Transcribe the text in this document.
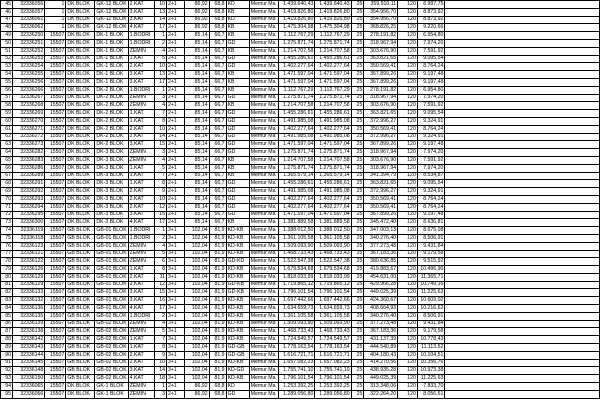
45	32336056	1	DK BLOK	GK-12 BLOK	2.KAT	10	2+1	86,92	68,8	KD	Memur Ma	1.439.640,43	1.439.640,43	25	359.910,11	120	8.997,75	
46	32336057	1	DK BLOK	GK-12 BLOK	3.KAT	13	2+1	86,92	68,8	KB	Memur Ma	1.419.826,80	1.419.826,80	25	354.956,70	120	8.873,92	
47	32336061	1	DK BLOK	GK-12 BLOK	3.KAT	14	2+1	86,92	68,8	KD	Memur Ma	1.419.826,80	1.419.826,80	25	354.956,70	120	8.873,92	
48	32336062	1	DK BLOK	GK-12 BLOK	4.KAT	17	2+1	86,92	68,8	KB	Memur Ma	1.475.304,98	1.475.304,98	25	368.826,25	120	9.220,66	
49	32336250	15507	DK BLOK	DK-1 BLOK	1.BODRI	1	2+1	85,14	66,7	KB	Memur Ma	1.112.767,29	1.112.767,29	25	278.191,82	120	6.954,80	
50	32336251	15507	DK BLOK	DK-1 BLOK	1.BODRI	2	2+1	85,14	66,7	GD	Memur Ma	1.275.871,74	1.275.871,74	25	318.967,94	120	7.974,20	
51	32336252	15507	DK BLOK	DK-1 BLOK	ZEMIN	4	2+1	85,14	66,7	KB	Memur Ma	1.214.707,58	1.214.707,58	25	303.676,90	120	7.591,92	
52	32336253	15507	DK BLOK	DK-1 BLOK	1.KAT	5	2+1	85,14	66,7	GD	Memur Ma	1.455.286,61	1.455.286,61	25	363.821,65	120	9.095,54	
53	32336254	15507	DK BLOK	DK-1 BLOK	2.KAT	10	2+1	85,14	66,7	GD	Memur Ma	1.402.277,64	1.402.277,64	25	350.569,41	120	8.764,24	
54	32336255	15507	DK BLOK	DK-1 BLOK	3.KAT	13	2+1	85,14	66,7	KB	Memur Ma	1.471.597,04	1.471.597,04	25	367.899,26	120	9.197,48	
55	32336256	15507	DK BLOK	DK-1 BLOK	3.KAT	17	2+1	85,14	66,7	KB	Memur Ma	1.471.597,04	1.471.597,04	25	367.899,26	120	9.197,48	
56	32336266	15507	DK BLOK	DK-2 BLOK	1.BODRI	1	2+1	85,14	66,7	KB	Memur Ma	1.112.767,29	1.112.767,29	25	278.191,82	120	6.954,80	
57	32336267	15507	DK BLOK	DK-2 BLOK	ZEMIN	3	2+1	85,14	66,7	GD	Memur Ma	1.275.871,74	1.275.871,74	25	318.967,94	120	7.974,20	
58	32336268	15507	DK BLOK	DK-2 BLOK	ZEMIN	4	2+1	85,14	66,7	KB	Memur Ma	1.214.707,58	1.214.707,58	25	303.676,90	120	7.591,92	
59	32336269	15507	DK BLOK	DK-2 BLOK	1.KAT	7	2+1	85,14	66,7	GD	Memur Ma	1.455.286,61	1.455.286,61	25	363.821,65	120	9.095,54	
60	32336270	15507	DK BLOK	DK-2 BLOK	1.KAT	8	2+1	85,14	66,7	GD	Memur Ma	1.491.985,08	1.491.985,08	25	372.996,27	120	9.324,91	
61	32336271	15507	DK BLOK	DK-2 BLOK	2.KAT	10	2+1	85,14	66,7	GD	Memur Ma	1.402.277,64	1.402.277,64	25	350.569,41	120	8.764,24	
62	32336272	15507	DK BLOK	DK-2 BLOK	2.KAT	14	2+1	85,14	66,7	GD	Memur Ma	1.491.985,08	1.491.985,08	25	372.996,27	120	9.324,91	
63	32336273	15507	DK BLOK	DK-2 BLOK	3.KAT	15	2+1	85,14	66,7	GD	Memur Ma	1.471.597,04	1.471.597,04	25	367.899,26	120	9.197,48	
64	32336282	15507	DK BLOK	DK-3 BLOK	ZEMIN	3	2+1	85,14	66,7	GD	Memur Ma	1.275.871,74	1.275.871,74	25	318.967,94	120	7.974,20	
65	32336283	15507	DK BLOK	DK-3 BLOK	ZEMIN	4	2+1	85,14	66,7	KB	Memur Ma	1.214.707,58	1.214.707,58	25	303.676,90	120	7.591,92	
66	32336286	15507	DK BLOK	DK-3 BLOK	1.KAT	5	2+1	85,14	66,7	KB	Memur Ma	1.275.871,74	1.275.871,74	25	318.967,94	120	7.974,20	
67	32336289	15507	DK BLOK	DK-3 BLOK	1.KAT	7	2+1	85,14	66,7	KB	Memur Ma	1.365.579,14	1.365.579,14	25	341.394,79	120	8.534,87	
68	32336291	15507	DK BLOK	DK-3 BLOK	1.KAT	8	2+1	85,14	66,7	GD	Memur Ma	1.455.286,61	1.455.286,61	25	363.821,65	120	9.095,54	
69	32336292	15507	DK BLOK	DK-3 BLOK	2.KAT	9	2+1	85,14	66,7	GD	Memur Ma	1.491.985,08	1.491.985,08	25	372.996,27	120	9.324,91	
70	32336293	15507	DK BLOK	DK-3 BLOK	2.KAT	10	2+1	85,14	66,7	GD	Memur Ma	1.402.277,64	1.402.277,64	25	350.569,41	120	8.764,24	
71	32336294	15507	DK BLOK	DK-3 BLOK	2.KAT	12	2+1	85,14	66,7	GD	Memur Ma	1.402.277,64	1.402.277,64	25	350.569,41	120	8.764,24	
72	32336295	15507	DK BLOK	DK-3 BLOK	3.KAT	15	2+1	85,14	66,7	GD	Memur Ma	1.471.597,04	1.471.597,04	25	367.899,26	120	9.197,48	
73	32336300	15507	DK BLOK	DK-3 BLOK	4.KAT	17	2+1	85,14	66,7	KB	Memur Ma	1.381.889,58	1.381.889,58	25	345.472,40	120	8.636,81	
74	32336119	15507	GB BLOK	GB-01 BLOK	1.BODRI	1	3+1	102,04	81,9	KD-KB	Memur Ma	1.388.012,50	1.388.012,50	25	347.003,13	120	8.675,08	
75	32336118	15507	GB BLOK	GB-01 BLOK	1.BODRI	2	3+1	102,04	81,9	KD-KB	Memur Ma	1.361.105,58	1.361.105,58	25	340.276,40	120	8.506,91	
76	32336123	15507	GB BLOK	GB-01 BLOK	ZEMIN	4	3+1	102,04	81,9	KD-KB	Memur Ma	1.509.093,90	1.509.093,90	25	377.273,48	120	9.431,84	
77	32336121	15507	GB BLOK	GB-01 BLOK	ZEMIN	5	3+1	102,04	81,9	KD-KB	Memur Ma	1.468.733,43	1.468.733,43	25	367.183,36	120	9.179,58	
78	32336122	15507	GB BLOK	GB-01 BLOK	ZEMIN	6	3+1	102,04	81,9	GD-KD	Memur Ma	1.522.547,38	1.522.547,38	25	380.636,85	120	9.515,92	
79	32336126	15507	GB BLOK	GB-01 BLOK	1.KAT	8	3+1	102,04	81,9	KD-KB	Memur Ma	1.679.534,68	1.679.534,68	25	419.883,67	120	10.496,90	
80	32336129	15507	GB BLOK	GB-01 BLOK	2.KAT	11	3+1	102,04	81,9	KD-KB	Memur Ma	1.818.033,99	1.818.033,99	25	454.631,00	120	11.365,71	
81	32336129	15507	GB BLOK	GB-01 BLOK	2.KAT	12	3+1	102,04	81,9	GD-KB	Memur Ma	1.719.865,12	1.719.865,12	25	429.966,28	120	10.749,16	
82	32336133	15507	GB BLOK	GB-01 BLOK	3.KAT	15	3+1	102,04	81,9	GD-KB	Memur Ma	1.796.101,54	1.796.101,54	25	449.025,39	120	11.225,63	
83	32336132	15507	GB BLOK	GB-01 BLOK	3.KAT	16	3+1	102,04	81,9	KD-KB	Memur Ma	1.697.442,66	1.697.442,66	25	424.360,67	120	10.609,02	
84	32336136	15507	GB BLOK	GB-01 BLOK	4.KAT	17	3+1	102,04	81,9	KD-KB	Memur Ma	1.634.659,73	1.634.659,73	25	408.664,93	120	10.216,62	
85	32336135	15507	GB BLOK	GB-02 BLOK	1.BODRI	2	3+1	102,04	81,9	KD-KB	Memur Ma	1.361.105,58	1.361.105,58	25	340.276,40	120	8.506,91	
86	32336139	15507	GB BLOK	GB-02 BLOK	ZEMIN	4	3+1	102,04	81,9	KD-KB	Memur Ma	1.509.093,90	1.509.093,90	25	377.273,48	120	9.431,84	
87	32336138	15507	GB BLOK	GB-02 BLOK	ZEMIN	5	3+1	102,04	81,9	KD-KB	Memur Ma	1.468.733,43	1.468.733,43	25	367.183,36	120	9.179,58	
88	32336142	15507	GB BLOK	GB-02 BLOK	1.KAT	7	3+1	102,04	81,9	KD-KB	Memur Ma	1.724.549,57	1.724.549,57	25	431.137,39	120	10.778,43	
89	32336143	15507	GB BLOK	GB-02 BLOK	1.KAT	8	3+1	102,04	81,9	GD-GB	Memur Ma	1.778.163,54	1.778.163,54	25	444.540,89	120	11.113,52	
90	32336144	15507	GB BLOK	GB-02 BLOK	2.KAT	9	3+1	102,04	81,9	GD-GB	Memur Ma	1.616.721,71	1.616.721,71	25	404.180,43	120	10.104,51	
91	32336145	15507	GB BLOK	GB-02 BLOK	2.KAT	10	3+1	102,04	81,9	KD-KB	Memur Ma	1.657.082,23	1.657.082,23	25	414.270,56	120	10.356,76	
92	32336148	15507	GB BLOK	GB-02 BLOK	3.KAT	14	3+1	102,04	81,9	KD-GD	Memur Ma	1.755.741,10	1.755.741,10	25	438.935,28	120	10.973,38	
93	32336150	15507	GB BLOK	GB-02 BLOK	4.KAT	18	3+1	102,04	81,9	KD-KB	Memur Ma	1.796.101,54	1.796.101,54	25	449.025,39	120	11.225,63	
94	32336065	15507	DK BLOK	GK-1 BLOK	ZEMIN	1	2+1	86,92	68,8	KD	Memur Ma	1.253.392,25	1.253.392,25	25	313.348,06	120	7.833,70	
95	32336066	15507	DK BLOK	GK-1 BLOK	ZEMIN	3	2+1	86,92	68,8	GD	Memur Ma	1.289.056,80	1.289.056,80	25	322.264,20	120	8.056,61	
